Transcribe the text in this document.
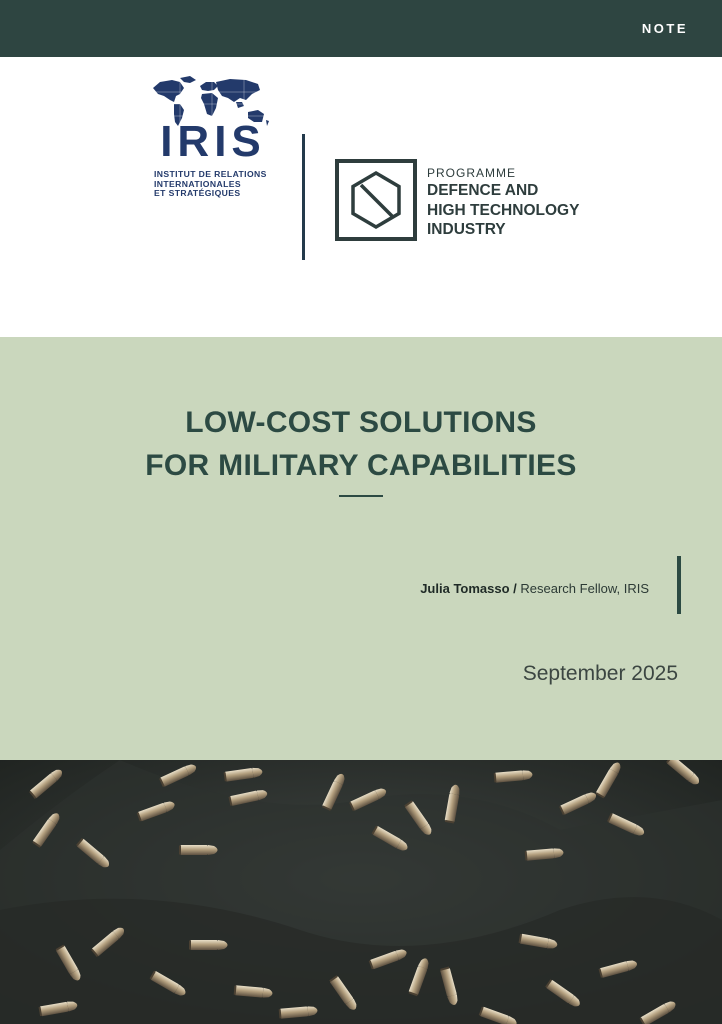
NOTE
IRIS
INSTITUT DE RELATIONS
INTERNATIONALES
ET STRATÉGIQUES
PROGRAMME
DEFENCE AND
HIGH TECHNOLOGY
INDUSTRY
LOW-COST SOLUTIONS
FOR MILITARY CAPABILITIES
Julia Tomasso / Research Fellow, IRIS
September 2025
